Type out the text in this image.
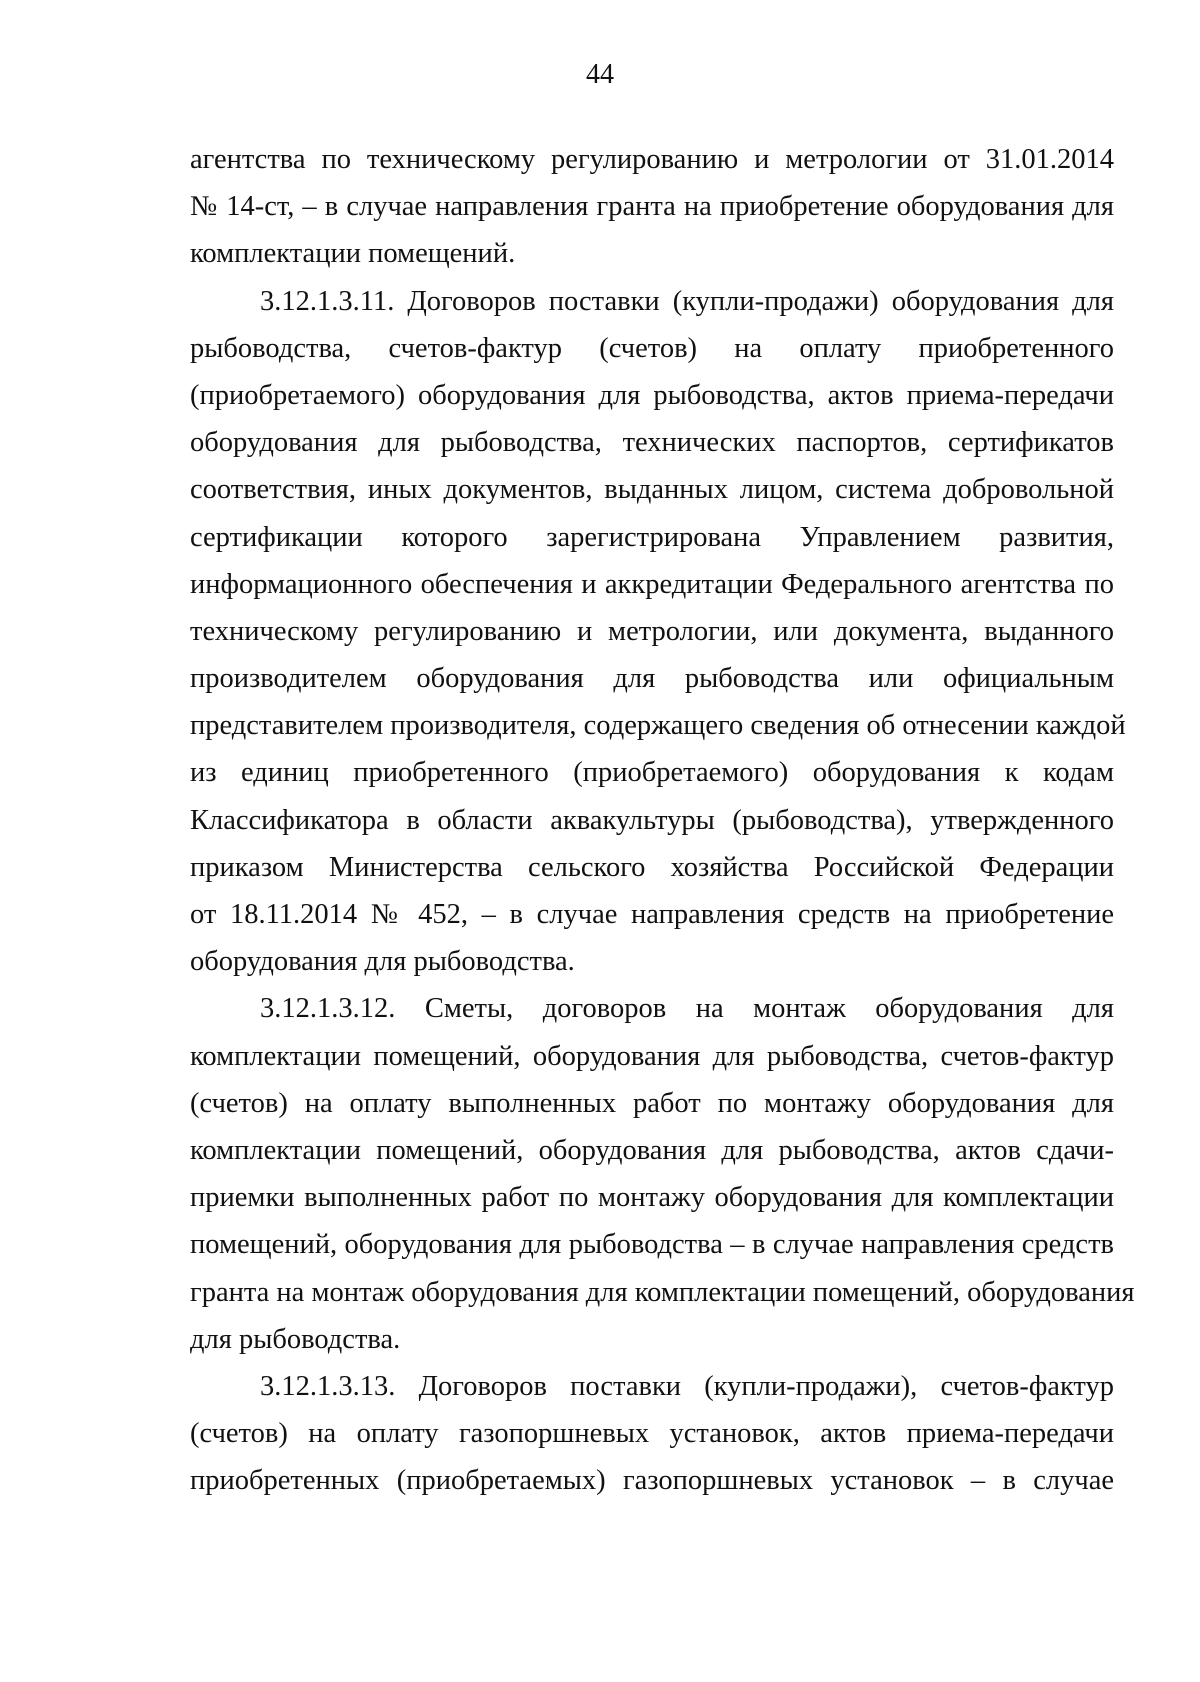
44
агентства по техническому регулированию и метрологии от 31.01.2014
№ 14-ст, – в случае направления гранта на приобретение оборудования для
комплектации помещений.
3.12.1.3.11. Договоров поставки (купли-продажи) оборудования для
рыбоводства, счетов-фактур (счетов) на оплату приобретенного
(приобретаемого) оборудования для рыбоводства, актов приема-передачи
оборудования для рыбоводства, технических паспортов, сертификатов
соответствия, иных документов, выданных лицом, система добровольной
сертификации которого зарегистрирована Управлением развития,
информационного обеспечения и аккредитации Федерального агентства по
техническому регулированию и метрологии, или документа, выданного
производителем оборудования для рыбоводства или официальным
представителем производителя, содержащего сведения об отнесении каждой
из единиц приобретенного (приобретаемого) оборудования к кодам
Классификатора в области аквакультуры (рыбоводства), утвержденного
приказом Министерства сельского хозяйства Российской Федерации
от 18.11.2014 № 452, – в случае направления средств на приобретение
оборудования для рыбоводства.
3.12.1.3.12. Сметы, договоров на монтаж оборудования для
комплектации помещений, оборудования для рыбоводства, счетов-фактур
(счетов) на оплату выполненных работ по монтажу оборудования для
комплектации помещений, оборудования для рыбоводства, актов сдачи-
приемки выполненных работ по монтажу оборудования для комплектации
помещений, оборудования для рыбоводства – в случае направления средств
гранта на монтаж оборудования для комплектации помещений, оборудования
для рыбоводства.
3.12.1.3.13. Договоров поставки (купли-продажи), счетов-фактур
(счетов) на оплату газопоршневых установок, актов приема-передачи
приобретенных (приобретаемых) газопоршневых установок – в случае
